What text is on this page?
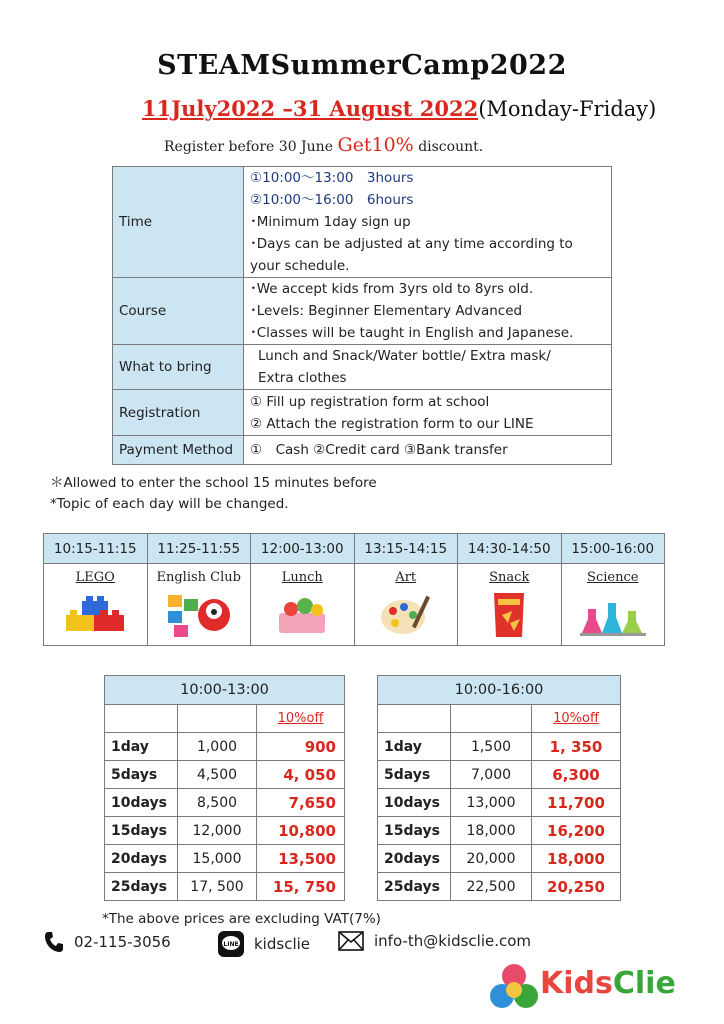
STEAMSummerCamp2022
11July2022 –31 August 2022(Monday-Friday)
Register before 30 June Get10% discount.
Time	①10:00～13:00　3hours
②10:00～16:00　6hours
･Minimum 1day sign up
･Days can be adjusted at any time according to
your schedule.

Course	･We accept kids from 3yrs old to 8yrs old.
･Levels: Beginner Elementary Advanced
･Classes will be taught in English and Japanese.

What to bring	Lunch and Snack/Water bottle/ Extra mask/
Extra clothes

Registration	① Fill up registration form at school
② Attach the registration form to our LINE

Payment Method	①　Cash ②Credit card ③Bank transfer
＊Allowed to enter the school 15 minutes before
*Topic of each day will be changed.
10:15-11:15	11:25-11:55	12:00-13:00	13:15-14:15	14:30-14:50	15:00-16:00

LEGO	English Club	Lunch	Art	Snack	Science
10:00-13:00		
		10%off
1day	1,000	900
5days	4,500	4, 050
10days	8,500	7,650
15days	12,000	10,800
20days	15,000	13,500
25days	17, 500	15, 750
10:00-16:00		
		10%off
1day	1,500	1, 350
5days	7,000	6,300
10days	13,000	11,700
15days	18,000	16,200
20days	20,000	18,000
25days	22,500	20,250
*The above prices are excluding VAT(7%)
02-115-3056	LINE kidsclie	info-th@kidsclie.com
KidsClie
